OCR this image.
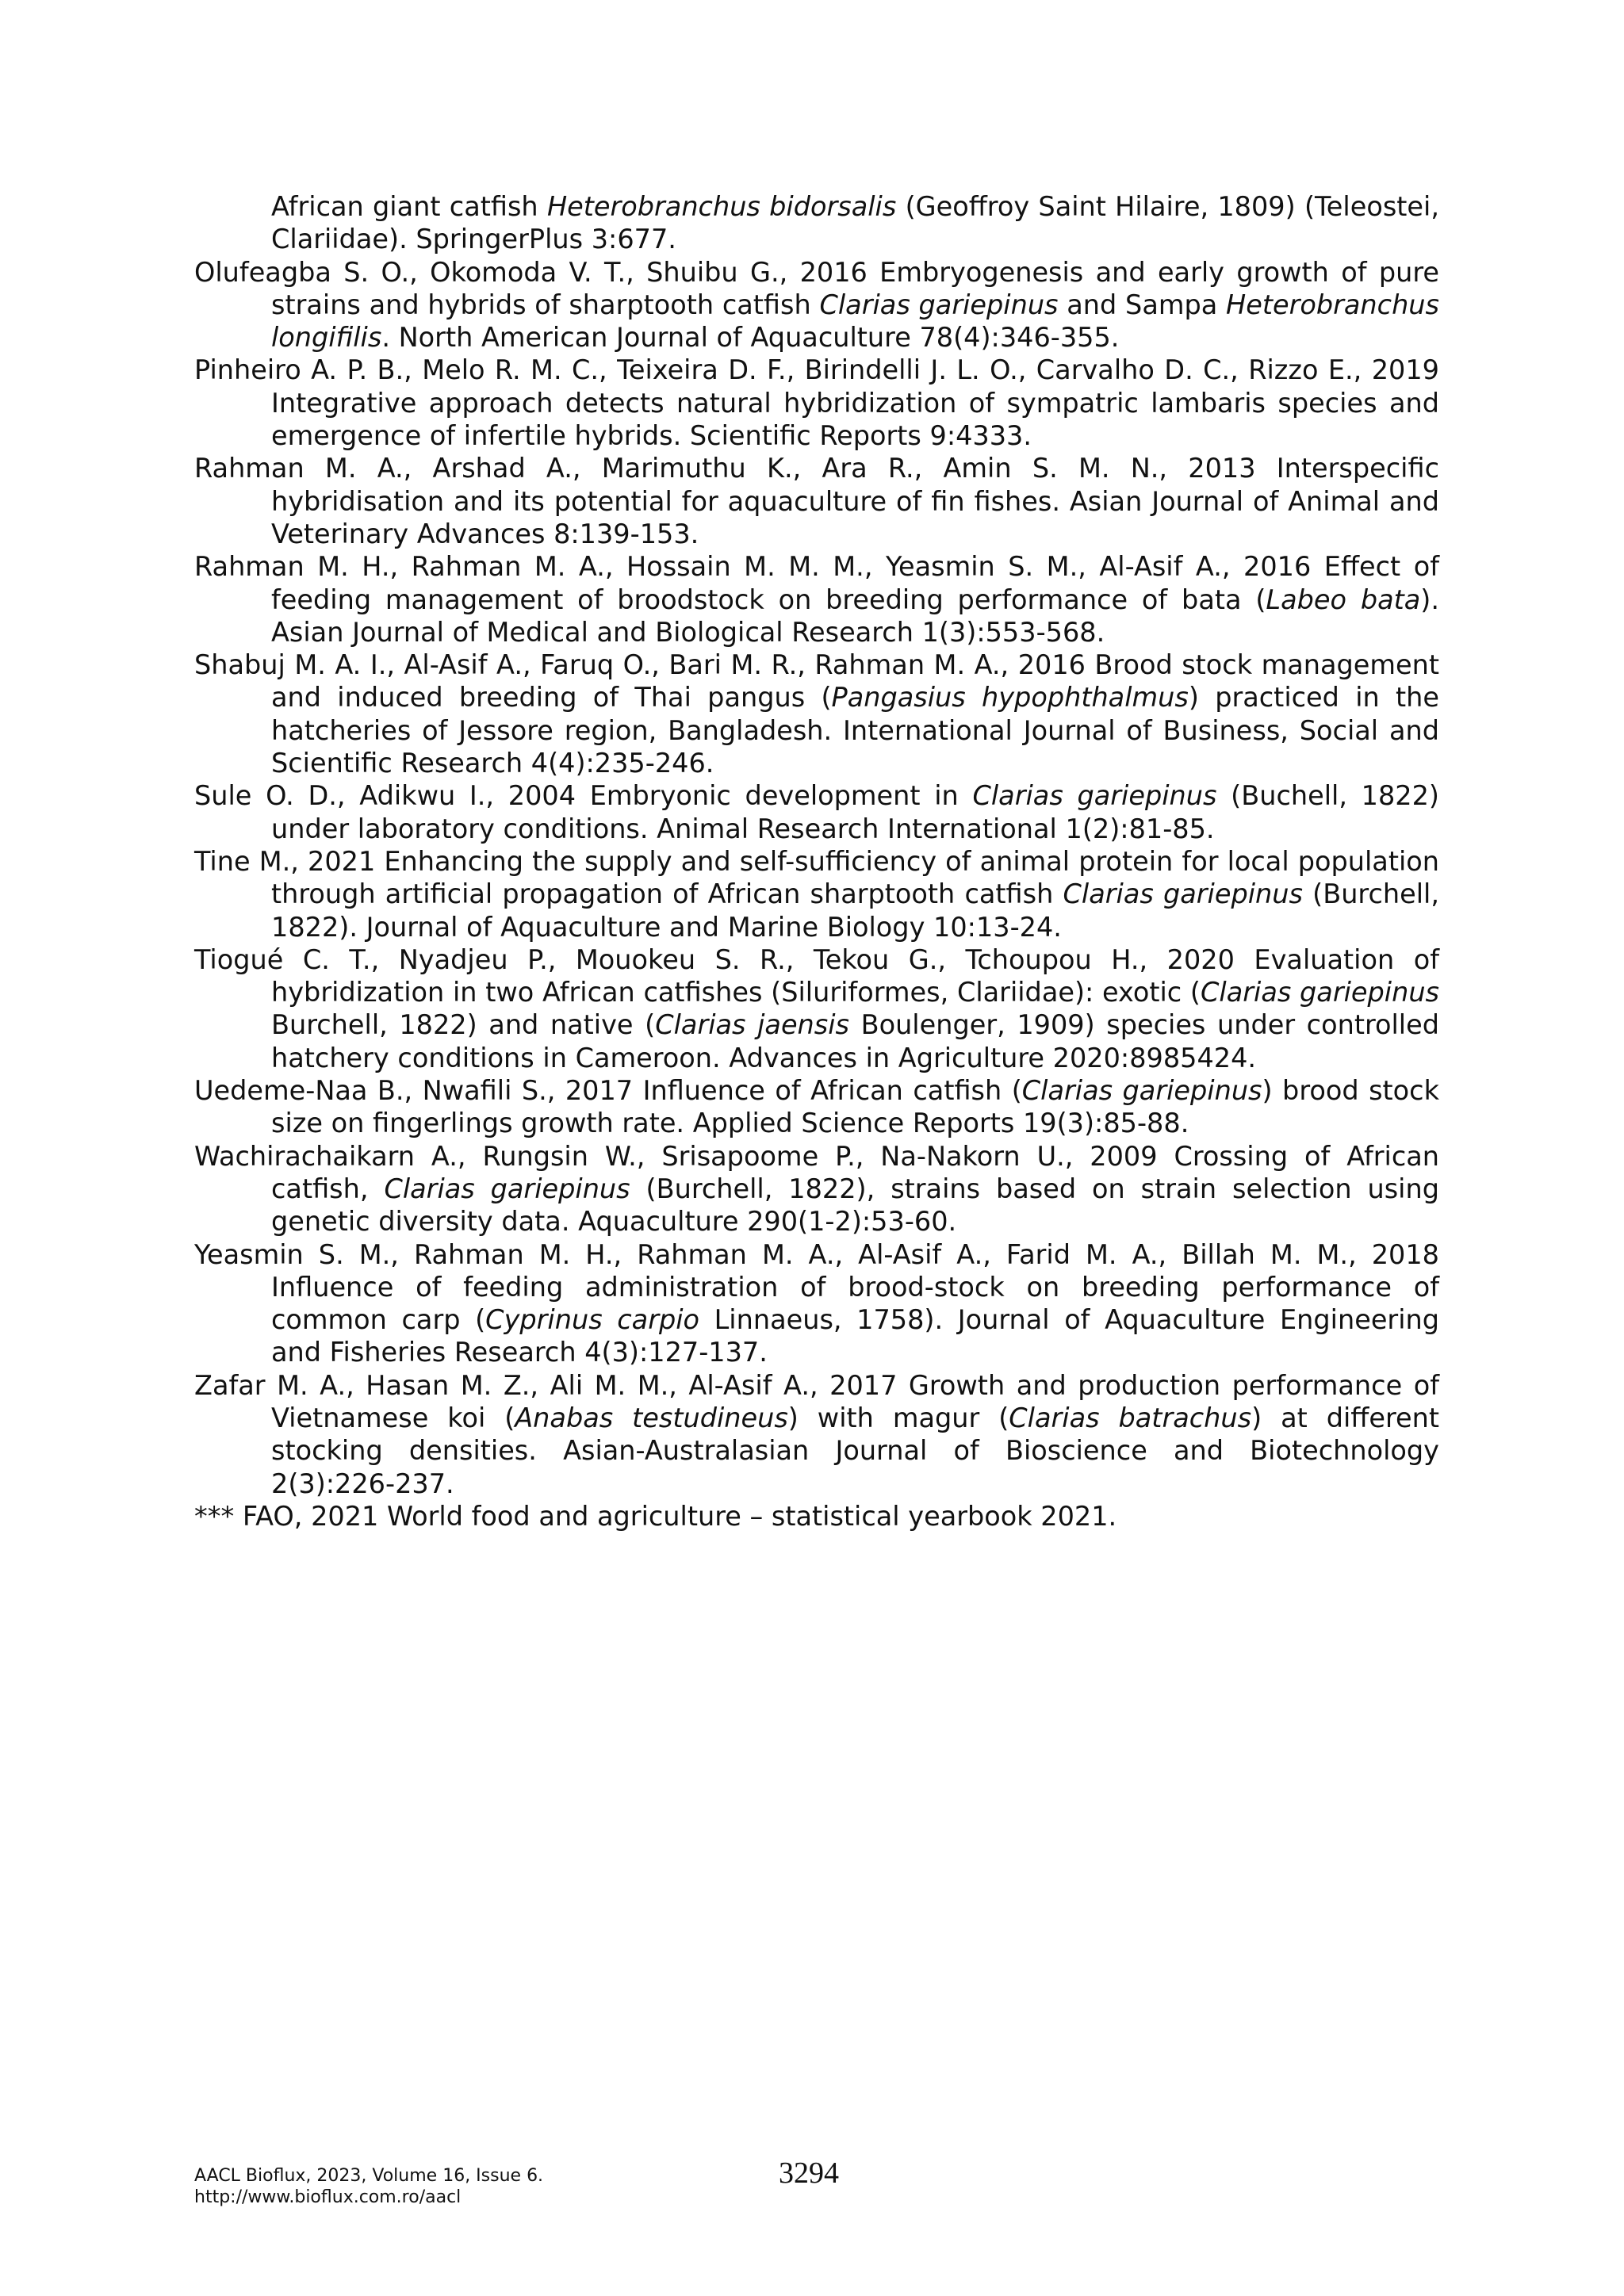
African giant catfish Heterobranchus bidorsalis (Geoffroy Saint Hilaire, 1809) (Teleostei, Clariidae). SpringerPlus 3:677.

Olufeagba S. O., Okomoda V. T., Shuibu G., 2016 Embryogenesis and early growth of pure strains and hybrids of sharptooth catfish Clarias gariepinus and Sampa Heterobranchus longifilis. North American Journal of Aquaculture 78(4):346-355.

Pinheiro A. P. B., Melo R. M. C., Teixeira D. F., Birindelli J. L. O., Carvalho D. C., Rizzo E., 2019 Integrative approach detects natural hybridization of sympatric lambaris species and emergence of infertile hybrids. Scientific Reports 9:4333.

Rahman M. A., Arshad A., Marimuthu K., Ara R., Amin S. M. N., 2013 Interspecific hybridisation and its potential for aquaculture of fin fishes. Asian Journal of Animal and Veterinary Advances 8:139-153.

Rahman M. H., Rahman M. A., Hossain M. M. M., Yeasmin S. M., Al-Asif A., 2016 Effect of feeding management of broodstock on breeding performance of bata (Labeo bata). Asian Journal of Medical and Biological Research 1(3):553-568.

Shabuj M. A. I., Al-Asif A., Faruq O., Bari M. R., Rahman M. A., 2016 Brood stock management and induced breeding of Thai pangus (Pangasius hypophthalmus) practiced in the hatcheries of Jessore region, Bangladesh. International Journal of Business, Social and Scientific Research 4(4):235-246.

Sule O. D., Adikwu I., 2004 Embryonic development in Clarias gariepinus (Buchell, 1822) under laboratory conditions. Animal Research International 1(2):81-85.

Tine M., 2021 Enhancing the supply and self-sufficiency of animal protein for local population through artificial propagation of African sharptooth catfish Clarias gariepinus (Burchell, 1822). Journal of Aquaculture and Marine Biology 10:13-24.

Tiogué C. T., Nyadjeu P., Mouokeu S. R., Tekou G., Tchoupou H., 2020 Evaluation of hybridization in two African catfishes (Siluriformes, Clariidae): exotic (Clarias gariepinus Burchell, 1822) and native (Clarias jaensis Boulenger, 1909) species under controlled hatchery conditions in Cameroon. Advances in Agriculture 2020:8985424.

Uedeme-Naa B., Nwafili S., 2017 Influence of African catfish (Clarias gariepinus) brood stock size on fingerlings growth rate. Applied Science Reports 19(3):85-88.

Wachirachaikarn A., Rungsin W., Srisapoome P., Na-Nakorn U., 2009 Crossing of African catfish, Clarias gariepinus (Burchell, 1822), strains based on strain selection using genetic diversity data. Aquaculture 290(1-2):53-60.

Yeasmin S. M., Rahman M. H., Rahman M. A., Al-Asif A., Farid M. A., Billah M. M., 2018 Influence of feeding administration of brood-stock on breeding performance of common carp (Cyprinus carpio Linnaeus, 1758). Journal of Aquaculture Engineering and Fisheries Research 4(3):127-137.

Zafar M. A., Hasan M. Z., Ali M. M., Al-Asif A., 2017 Growth and production performance of Vietnamese koi (Anabas testudineus) with magur (Clarias batrachus) at different stocking densities. Asian-Australasian Journal of Bioscience and Biotechnology 2(3):226-237.

*** FAO, 2021 World food and agriculture – statistical yearbook 2021.

AACL Bioflux, 2023, Volume 16, Issue 6.
http://www.bioflux.com.ro/aacl
3294
